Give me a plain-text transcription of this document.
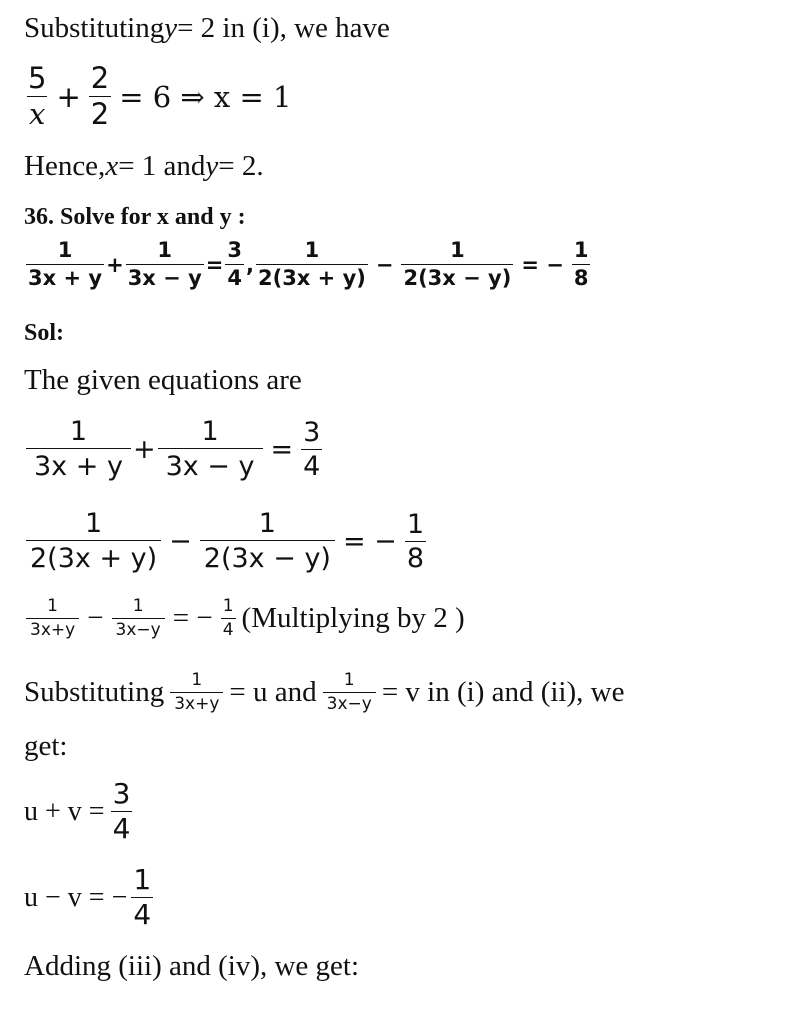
Substituting y = 2 in (i), we have
$\frac{5}{x} + \frac{2}{2} = 6$ ⇒ x = 1
Hence, x = 1 and y = 2.
36. Solve for x and y :
$\frac{1}{3x + y} + \frac{1}{3x - y} = \frac{3}{4}$ , $\frac{1}{2(3x + y)} - \frac{1}{2(3x - y)}$ = − $\frac{1}{8}$
Sol:
The given equations are
$\frac{1}{3x + y} + \frac{1}{3x - y} = \frac{3}{4}$
$\frac{1}{2(3x + y)} - \frac{1}{2(3x - y)}$ = − $\frac{1}{8}$
$\frac{1}{3x+y} - \frac{1}{3x-y}$ = − $\frac{1}{4}$ (Multiplying by 2 )
Substituting $\frac{1}{3x+y} = u$ and $\frac{1}{3x-y} = v$ in (i) and (ii), we
get:
$u + v = \frac{3}{4}$
u − v = − $\frac{1}{4}$
Adding (iii) and (iv), we get:
